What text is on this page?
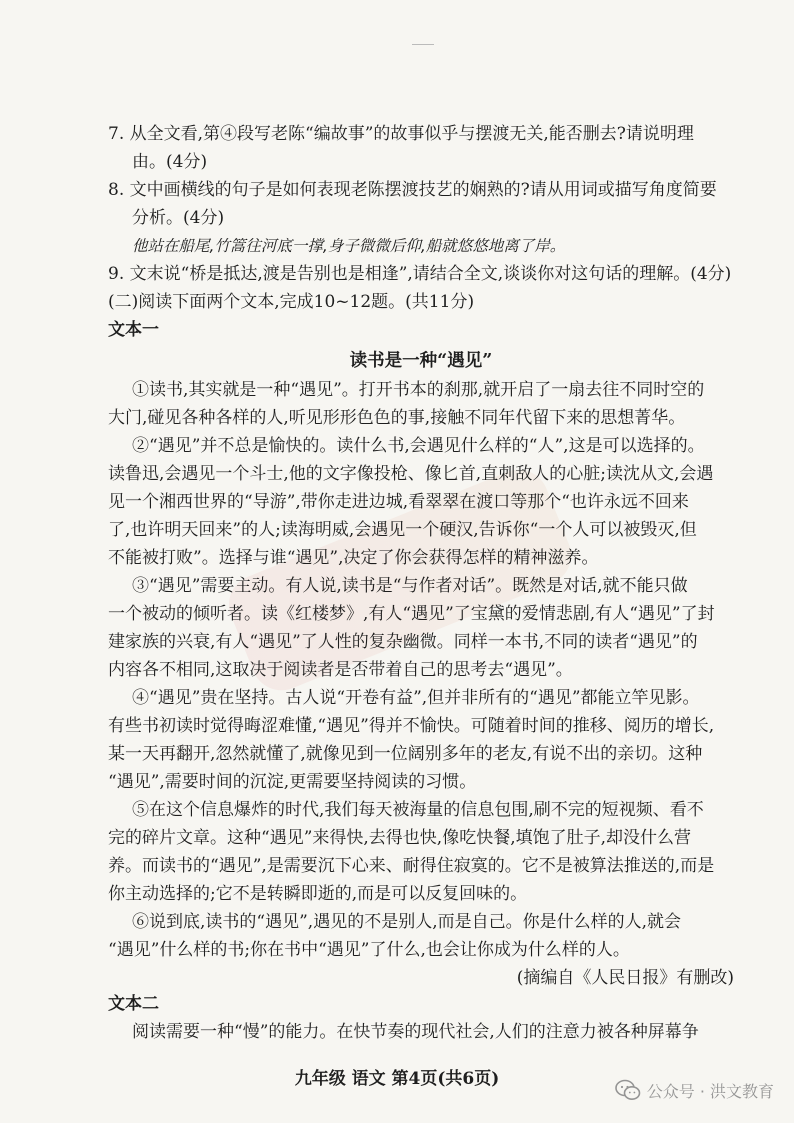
7. 从全文看,第④段写老陈“编故事”的故事似乎与摆渡无关,能否删去?请说明理
由。(4分)
8. 文中画横线的句子是如何表现老陈摆渡技艺的娴熟的?请从用词或描写角度简要
分析。(4分)
他站在船尾,竹篙往河底一撑,身子微微后仰,船就悠悠地离了岸。
9. 文末说“桥是抵达,渡是告别也是相逢”,请结合全文,谈谈你对这句话的理解。(4分)
(二)阅读下面两个文本,完成10~12题。(共11分)
文本一
读书是一种“遇见”
①读书,其实就是一种“遇见”。打开书本的刹那,就开启了一扇去往不同时空的
大门,碰见各种各样的人,听见形形色色的事,接触不同年代留下来的思想菁华。
②“遇见”并不总是愉快的。读什么书,会遇见什么样的“人”,这是可以选择的。
读鲁迅,会遇见一个斗士,他的文字像投枪、像匕首,直刺敌人的心脏;读沈从文,会遇
见一个湘西世界的“导游”,带你走进边城,看翠翠在渡口等那个“也许永远不回来
了,也许明天回来”的人;读海明威,会遇见一个硬汉,告诉你“一个人可以被毁灭,但
不能被打败”。选择与谁“遇见”,决定了你会获得怎样的精神滋养。
③“遇见”需要主动。有人说,读书是“与作者对话”。既然是对话,就不能只做
一个被动的倾听者。读《红楼梦》,有人“遇见”了宝黛的爱情悲剧,有人“遇见”了封
建家族的兴衰,有人“遇见”了人性的复杂幽微。同样一本书,不同的读者“遇见”的
内容各不相同,这取决于阅读者是否带着自己的思考去“遇见”。
④“遇见”贵在坚持。古人说“开卷有益”,但并非所有的“遇见”都能立竿见影。
有些书初读时觉得晦涩难懂,“遇见”得并不愉快。可随着时间的推移、阅历的增长,
某一天再翻开,忽然就懂了,就像见到一位阔别多年的老友,有说不出的亲切。这种
“遇见”,需要时间的沉淀,更需要坚持阅读的习惯。
⑤在这个信息爆炸的时代,我们每天被海量的信息包围,刷不完的短视频、看不
完的碎片文章。这种“遇见”来得快,去得也快,像吃快餐,填饱了肚子,却没什么营
养。而读书的“遇见”,是需要沉下心来、耐得住寂寞的。它不是被算法推送的,而是
你主动选择的;它不是转瞬即逝的,而是可以反复回味的。
⑥说到底,读书的“遇见”,遇见的不是别人,而是自己。你是什么样的人,就会
“遇见”什么样的书;你在书中“遇见”了什么,也会让你成为什么样的人。
(摘编自《人民日报》有删改)
文本二
阅读需要一种“慢”的能力。在快节奏的现代社会,人们的注意力被各种屏幕争
九年级 语文 第4页(共6页)
公众号 · 洪文教育
